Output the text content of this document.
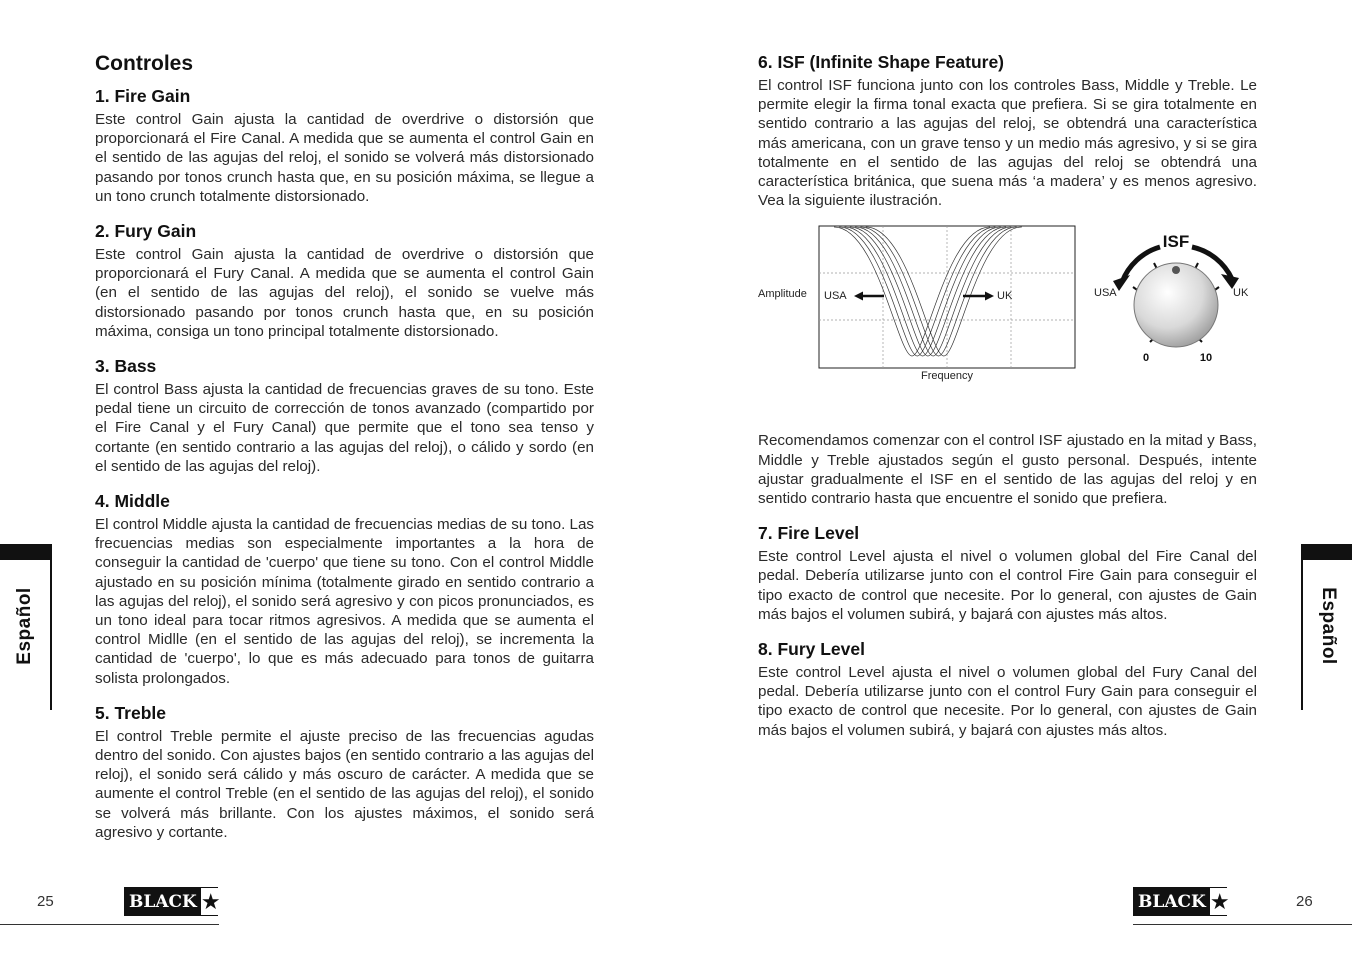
Controles
1. Fire Gain

Este control Gain ajusta la cantidad de overdrive o distorsión que proporcionará el Fire Canal. A medida que se aumenta el control Gain en el sentido de las agujas del reloj, el sonido se volverá más distorsionado pasando por tonos crunch hasta que, en su posición máxima, se llegue a un tono crunch totalmente distorsionado.

2. Fury Gain

Este control Gain ajusta la cantidad de overdrive o distorsión que proporcionará el Fury Canal. A medida que se aumenta el control Gain (en el sentido de las agujas del reloj), el sonido se vuelve más distorsionado pasando por tonos crunch hasta que, en su posición máxima, consiga un tono principal totalmente distorsionado.

3. Bass

El control Bass ajusta la cantidad de frecuencias graves de su tono. Este pedal tiene un circuito de corrección de tonos avanzado (compartido por el Fire Canal y el Fury Canal) que permite que el tono sea tenso y cortante (en sentido contrario a las agujas del reloj), o cálido y sordo (en el sentido de las agujas del reloj).

4. Middle

El control Middle ajusta la cantidad de frecuencias medias de su tono. Las frecuencias medias son especialmente importantes a la hora de conseguir la cantidad de 'cuerpo' que tiene su tono. Con el control Middle ajustado en su posición mínima (totalmente girado en sentido contrario a las agujas del reloj), el sonido será agresivo y con picos pronunciados, es un tono ideal para tocar ritmos agresivos. A medida que se aumenta el control Midlle (en el sentido de las agujas del reloj), se incrementa la cantidad de 'cuerpo', lo que es más adecuado para tonos de guitarra solista prolongados.

5. Treble

El control Treble permite el ajuste preciso de las frecuencias agudas dentro del sonido. Con ajustes bajos (en sentido contrario a las agujas del reloj), el sonido será cálido y más oscuro de carácter. A medida que se aumente el control Treble (en el sentido de las agujas del reloj), el sonido se volverá más brillante. Con los ajustes máximos, el sonido será agresivo y cortante.

Español
25	BLACK ★
6. ISF (Infinite Shape Feature)

El control ISF funciona junto con los controles Bass, Middle y Treble. Le permite elegir la firma tonal exacta que prefiera. Si se gira totalmente en sentido contrario a las agujas del reloj, se obtendrá una característica más americana, con un grave tenso y un medio más agresivo, y si se gira totalmente en el sentido de las agujas del reloj se obtendrá una característica británica, que suena más ‘a madera’ y es menos agresivo. Vea la siguiente ilustración.

Amplitude USA	UK
Frequency
ISF
USA	UK
0	10

Recomendamos comenzar con el control ISF ajustado en la mitad y Bass, Middle y Treble ajustados según el gusto personal. Después, intente ajustar gradualmente el ISF en el sentido de las agujas del reloj y en sentido contrario hasta que encuentre el sonido que prefiera.

7. Fire Level

Este control Level ajusta el nivel o volumen global del Fire Canal del pedal. Debería utilizarse junto con el control Fire Gain para conseguir el tipo exacto de control que necesite. Por lo general, con ajustes de Gain más bajos el volumen subirá, y bajará con ajustes más altos.

8. Fury Level

Este control Level ajusta el nivel o volumen global del Fury Canal del pedal. Debería utilizarse junto con el control Fury Gain para conseguir el tipo exacto de control que necesite. Por lo general, con ajustes de Gain más bajos el volumen subirá, y bajará con ajustes más altos.

Español
BLACK ★	26
